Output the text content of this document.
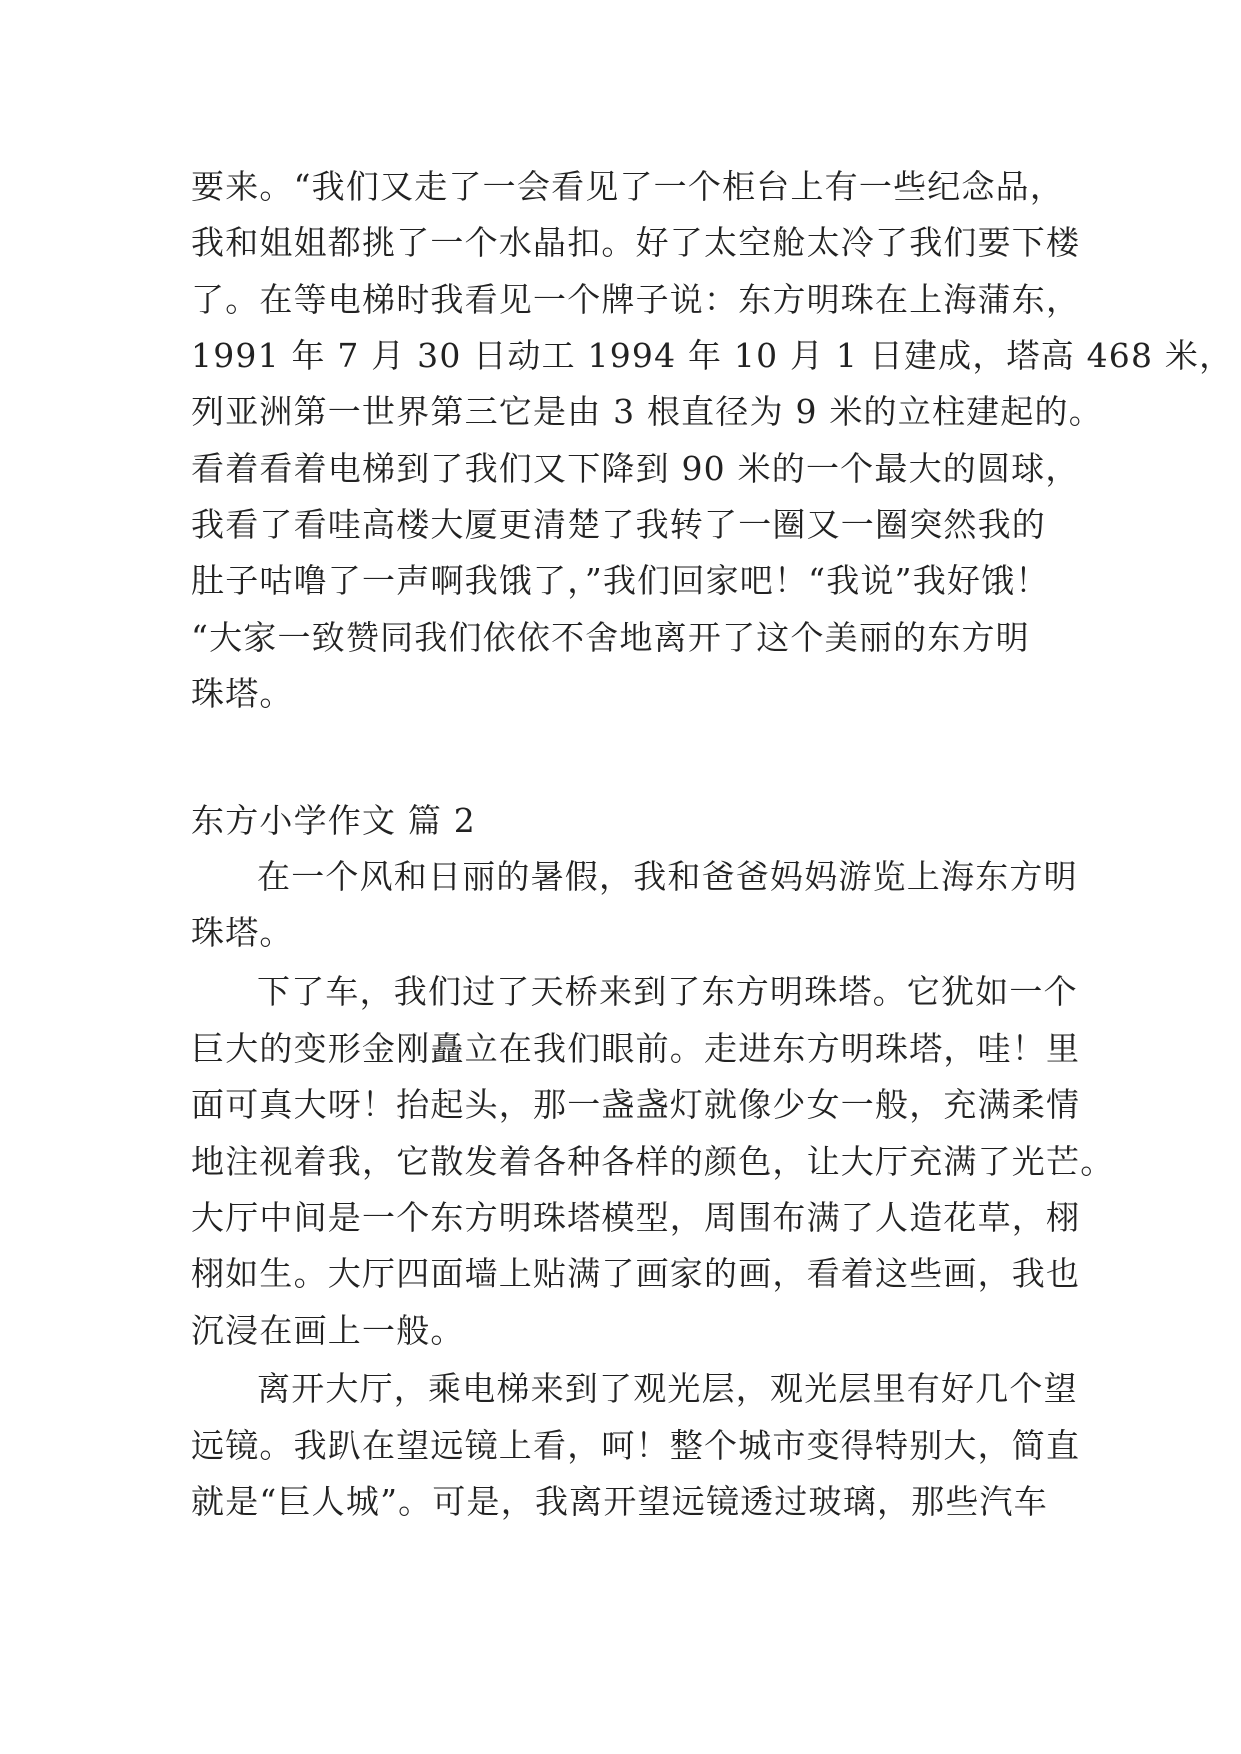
要来。“我们又走了一会看见了一个柜台上有一些纪念品，
我和姐姐都挑了一个水晶扣。好了太空舱太冷了我们要下楼
了。在等电梯时我看见一个牌子说：东方明珠在上海蒲东，
1991 年 7 月 30 日动工 1994 年 10 月 1 日建成，塔高 468 米，
列亚洲第一世界第三它是由 3 根直径为 9 米的立柱建起的。
看着看着电梯到了我们又下降到 90 米的一个最大的圆球，
我看了看哇高楼大厦更清楚了我转了一圈又一圈突然我的
肚子咕噜了一声啊我饿了，”我们回家吧！“我说”我好饿！
“大家一致赞同我们依依不舍地离开了这个美丽的东方明
珠塔。
东方小学作文 篇 2
在一个风和日丽的暑假，我和爸爸妈妈游览上海东方明
珠塔。
下了车，我们过了天桥来到了东方明珠塔。它犹如一个
巨大的变形金刚矗立在我们眼前。走进东方明珠塔，哇！里
面可真大呀！抬起头，那一盏盏灯就像少女一般，充满柔情
地注视着我，它散发着各种各样的颜色，让大厅充满了光芒。
大厅中间是一个东方明珠塔模型，周围布满了人造花草，栩
栩如生。大厅四面墙上贴满了画家的画，看着这些画，我也
沉浸在画上一般。
离开大厅，乘电梯来到了观光层，观光层里有好几个望
远镜。我趴在望远镜上看，呵！整个城市变得特别大，简直
就是“巨人城”。可是，我离开望远镜透过玻璃，那些汽车
